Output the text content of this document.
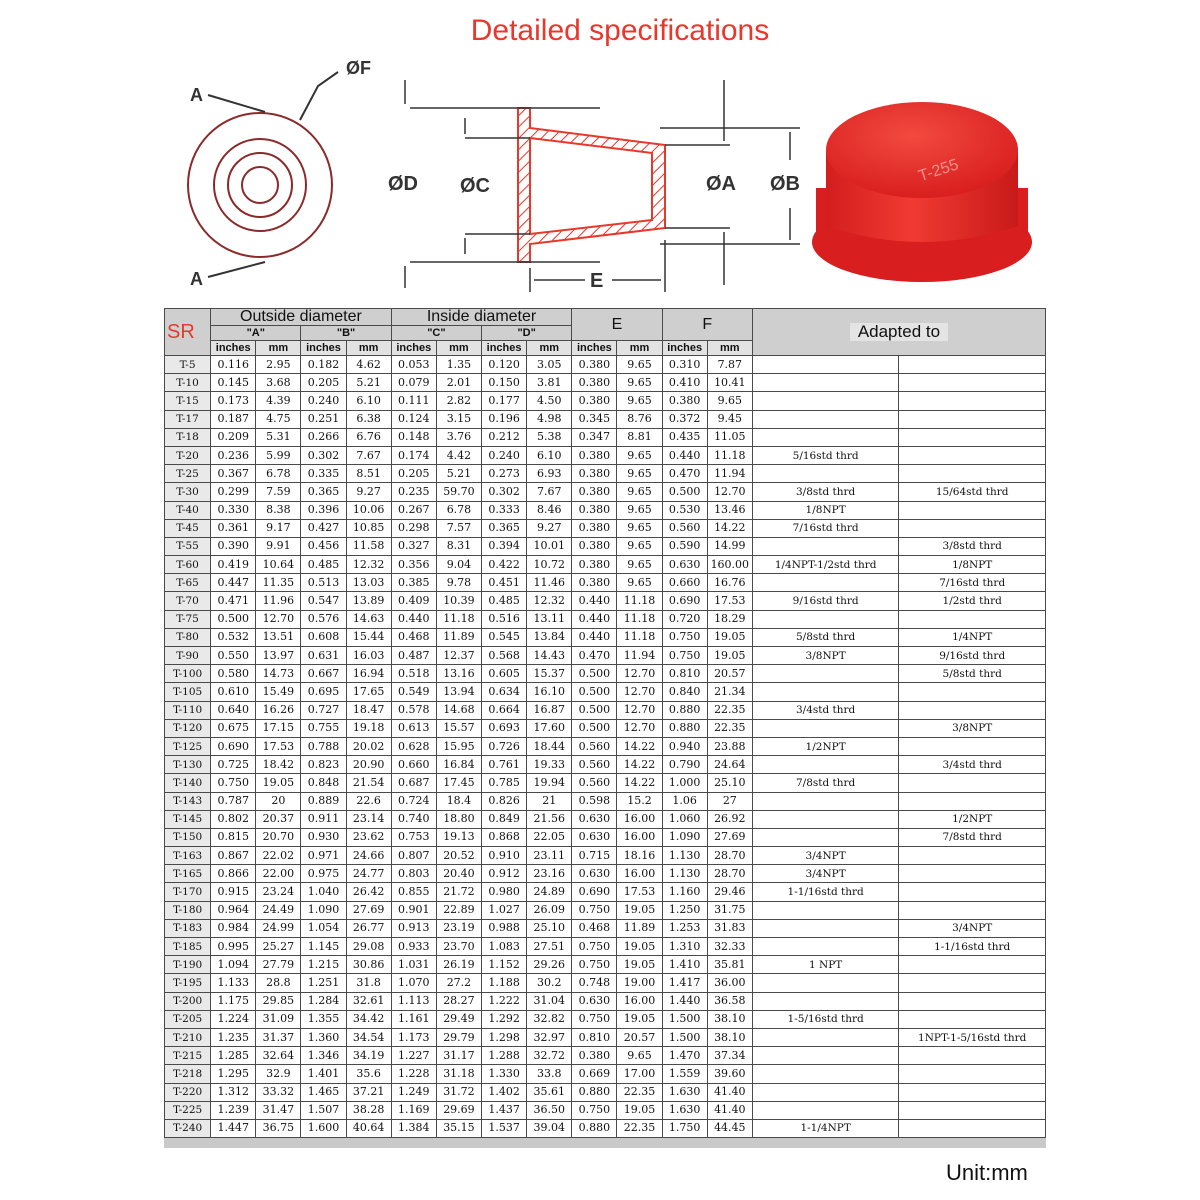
Detailed specifications
A
A
ØF
ØD ØC	ØA ØB
E
T-255
SR	Outside diameter				Inside diameter				E		F		Adapted to	
	"A"		"B"		"C"		"D"							
	inches	mm	inches	mm	inches	mm	inches	mm	inches	mm	inches	mm		
T-5	0.116	2.95	0.182	4.62	0.053	1.35	0.120	3.05	0.380	9.65	0.310	7.87		
T-10	0.145	3.68	0.205	5.21	0.079	2.01	0.150	3.81	0.380	9.65	0.410	10.41		
T-15	0.173	4.39	0.240	6.10	0.111	2.82	0.177	4.50	0.380	9.65	0.380	9.65		
T-17	0.187	4.75	0.251	6.38	0.124	3.15	0.196	4.98	0.345	8.76	0.372	9.45		
T-18	0.209	5.31	0.266	6.76	0.148	3.76	0.212	5.38	0.347	8.81	0.435	11.05		
T-20	0.236	5.99	0.302	7.67	0.174	4.42	0.240	6.10	0.380	9.65	0.440	11.18	5/16std thrd	
T-25	0.367	6.78	0.335	8.51	0.205	5.21	0.273	6.93	0.380	9.65	0.470	11.94		
T-30	0.299	7.59	0.365	9.27	0.235	59.70	0.302	7.67	0.380	9.65	0.500	12.70	3/8std thrd	15/64std thrd
T-40	0.330	8.38	0.396	10.06	0.267	6.78	0.333	8.46	0.380	9.65	0.530	13.46	1/8NPT	
T-45	0.361	9.17	0.427	10.85	0.298	7.57	0.365	9.27	0.380	9.65	0.560	14.22	7/16std thrd	
T-55	0.390	9.91	0.456	11.58	0.327	8.31	0.394	10.01	0.380	9.65	0.590	14.99		3/8std thrd
T-60	0.419	10.64	0.485	12.32	0.356	9.04	0.422	10.72	0.380	9.65	0.630	160.00	1/4NPT-1/2std thrd	1/8NPT
T-65	0.447	11.35	0.513	13.03	0.385	9.78	0.451	11.46	0.380	9.65	0.660	16.76		7/16std thrd
T-70	0.471	11.96	0.547	13.89	0.409	10.39	0.485	12.32	0.440	11.18	0.690	17.53	9/16std thrd	1/2std thrd
T-75	0.500	12.70	0.576	14.63	0.440	11.18	0.516	13.11	0.440	11.18	0.720	18.29		
T-80	0.532	13.51	0.608	15.44	0.468	11.89	0.545	13.84	0.440	11.18	0.750	19.05	5/8std thrd	1/4NPT
T-90	0.550	13.97	0.631	16.03	0.487	12.37	0.568	14.43	0.470	11.94	0.750	19.05	3/8NPT	9/16std thrd
T-100	0.580	14.73	0.667	16.94	0.518	13.16	0.605	15.37	0.500	12.70	0.810	20.57		5/8std thrd
T-105	0.610	15.49	0.695	17.65	0.549	13.94	0.634	16.10	0.500	12.70	0.840	21.34		
T-110	0.640	16.26	0.727	18.47	0.578	14.68	0.664	16.87	0.500	12.70	0.880	22.35	3/4std thrd	
T-120	0.675	17.15	0.755	19.18	0.613	15.57	0.693	17.60	0.500	12.70	0.880	22.35		3/8NPT
T-125	0.690	17.53	0.788	20.02	0.628	15.95	0.726	18.44	0.560	14.22	0.940	23.88	1/2NPT	
T-130	0.725	18.42	0.823	20.90	0.660	16.84	0.761	19.33	0.560	14.22	0.790	24.64		3/4std thrd
T-140	0.750	19.05	0.848	21.54	0.687	17.45	0.785	19.94	0.560	14.22	1.000	25.10	7/8std thrd	
T-143	0.787	20	0.889	22.6	0.724	18.4	0.826	21	0.598	15.2	1.06	27		
T-145	0.802	20.37	0.911	23.14	0.740	18.80	0.849	21.56	0.630	16.00	1.060	26.92		1/2NPT
T-150	0.815	20.70	0.930	23.62	0.753	19.13	0.868	22.05	0.630	16.00	1.090	27.69		7/8std thrd
T-163	0.867	22.02	0.971	24.66	0.807	20.52	0.910	23.11	0.715	18.16	1.130	28.70	3/4NPT	
T-165	0.866	22.00	0.975	24.77	0.803	20.40	0.912	23.16	0.630	16.00	1.130	28.70	3/4NPT	
T-170	0.915	23.24	1.040	26.42	0.855	21.72	0.980	24.89	0.690	17.53	1.160	29.46	1-1/16std thrd	
T-180	0.964	24.49	1.090	27.69	0.901	22.89	1.027	26.09	0.750	19.05	1.250	31.75		
T-183	0.984	24.99	1.054	26.77	0.913	23.19	0.988	25.10	0.468	11.89	1.253	31.83		3/4NPT
T-185	0.995	25.27	1.145	29.08	0.933	23.70	1.083	27.51	0.750	19.05	1.310	32.33		1-1/16std thrd
T-190	1.094	27.79	1.215	30.86	1.031	26.19	1.152	29.26	0.750	19.05	1.410	35.81	1 NPT	
T-195	1.133	28.8	1.251	31.8	1.070	27.2	1.188	30.2	0.748	19.00	1.417	36.00		
T-200	1.175	29.85	1.284	32.61	1.113	28.27	1.222	31.04	0.630	16.00	1.440	36.58		
T-205	1.224	31.09	1.355	34.42	1.161	29.49	1.292	32.82	0.750	19.05	1.500	38.10	1-5/16std thrd	
T-210	1.235	31.37	1.360	34.54	1.173	29.79	1.298	32.97	0.810	20.57	1.500	38.10		1NPT-1-5/16std thrd
T-215	1.285	32.64	1.346	34.19	1.227	31.17	1.288	32.72	0.380	9.65	1.470	37.34		
T-218	1.295	32.9	1.401	35.6	1.228	31.18	1.330	33.8	0.669	17.00	1.559	39.60		
T-220	1.312	33.32	1.465	37.21	1.249	31.72	1.402	35.61	0.880	22.35	1.630	41.40		
T-225	1.239	31.47	1.507	38.28	1.169	29.69	1.437	36.50	0.750	19.05	1.630	41.40		
T-240	1.447	36.75	1.600	40.64	1.384	35.15	1.537	39.04	0.880	22.35	1.750	44.45	1-1/4NPT	
Unit:mm
